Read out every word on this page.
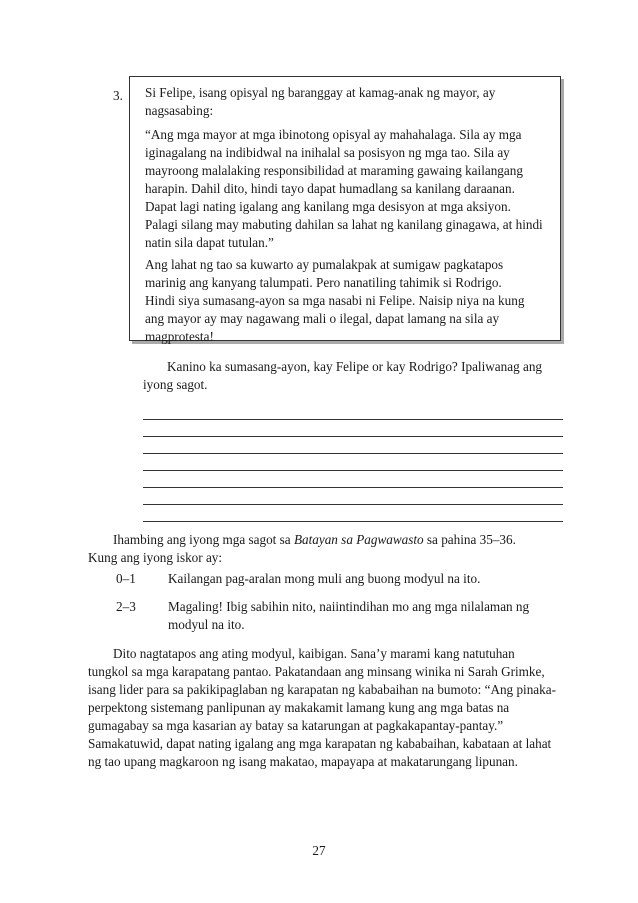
3. Si Felipe, isang opisyal ng baranggay at kamag-anak ng mayor, ay
nagsasabing:
“Ang mga mayor at mga ibinotong opisyal ay mahahalaga. Sila ay mga
iginagalang na indibidwal na inihalal sa posisyon ng mga tao. Sila ay
mayroong malalaking responsibilidad at maraming gawaing kailangang
harapin. Dahil dito, hindi tayo dapat humadlang sa kanilang daraanan.
Dapat lagi nating igalang ang kanilang mga desisyon at mga aksiyon.
Palagi silang may mabuting dahilan sa lahat ng kanilang ginagawa, at hindi
natin sila dapat tutulan.”
Ang lahat ng tao sa kuwarto ay pumalakpak at sumigaw pagkatapos
marinig ang kanyang talumpati. Pero nanatiling tahimik si Rodrigo.
Hindi siya sumasang-ayon sa mga nasabi ni Felipe. Naisip niya na kung
ang mayor ay may nagawang mali o ilegal, dapat lamang na sila ay
magprotesta!
Kanino ka sumasang-ayon, kay Felipe or kay Rodrigo? Ipaliwanag ang
iyong sagot.
Ihambing ang iyong mga sagot sa Batayan sa Pagwawasto sa pahina 35–36.
Kung ang iyong iskor ay:
0–1 Kailangan pag-aralan mong muli ang buong modyul na ito.
2–3 Magaling! Ibig sabihin nito, naiintindihan mo ang mga nilalaman ng
modyul na ito.
Dito nagtatapos ang ating modyul, kaibigan. Sana’y marami kang natutuhan
tungkol sa mga karapatang pantao. Pakatandaan ang minsang winika ni Sarah Grimke,
isang lider para sa pakikipaglaban ng karapatan ng kababaihan na bumoto: “Ang pinaka-
perpektong sistemang panlipunan ay makakamit lamang kung ang mga batas na
gumagabay sa mga kasarian ay batay sa katarungan at pagkakapantay-pantay.”
Samakatuwid, dapat nating igalang ang mga karapatan ng kababaihan, kabataan at lahat
ng tao upang magkaroon ng isang makatao, mapayapa at makatarungang lipunan.
27
